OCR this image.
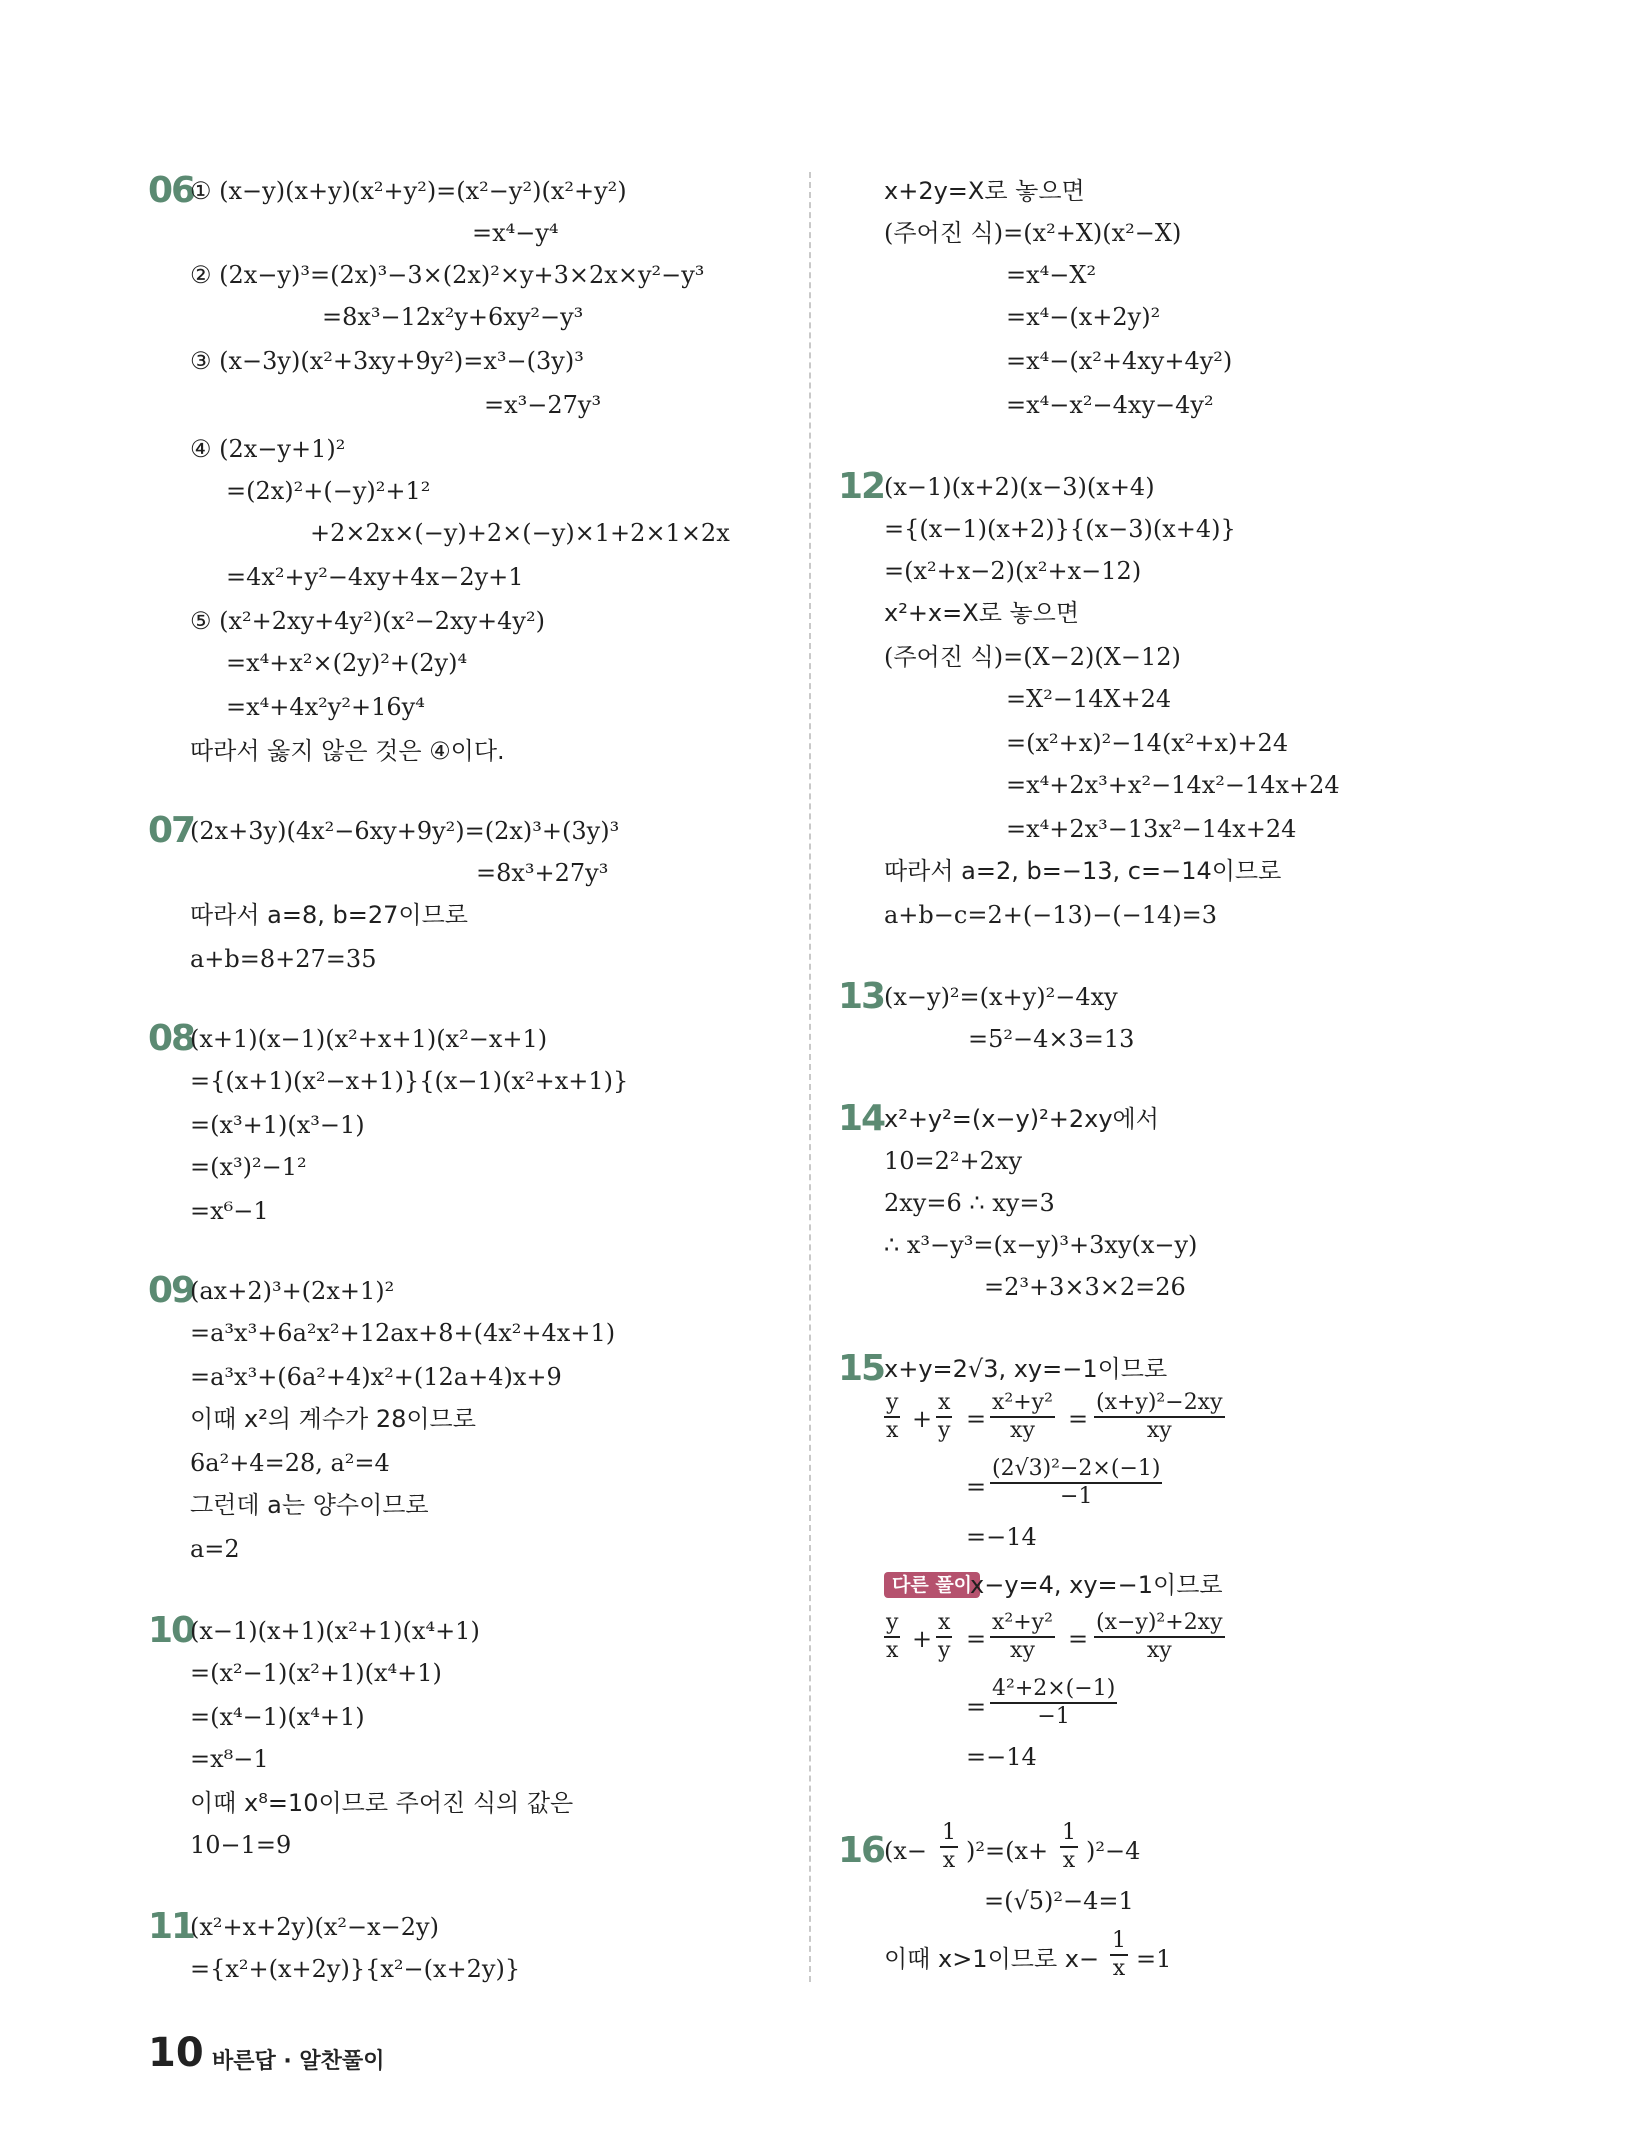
06
① (x−y)(x+y)(x²+y²)=(x²−y²)(x²+y²)
=x⁴−y⁴
② (2x−y)³=(2x)³−3×(2x)²×y+3×2x×y²−y³
=8x³−12x²y+6xy²−y³
③ (x−3y)(x²+3xy+9y²)=x³−(3y)³
=x³−27y³
④ (2x−y+1)²
=(2x)²+(−y)²+1²
+2×2x×(−y)+2×(−y)×1+2×1×2x
=4x²+y²−4xy+4x−2y+1
⑤ (x²+2xy+4y²)(x²−2xy+4y²)
=x⁴+x²×(2y)²+(2y)⁴
=x⁴+4x²y²+16y⁴
따라서 옳지 않은 것은 ④이다.
07
(2x+3y)(4x²−6xy+9y²)=(2x)³+(3y)³
=8x³+27y³
따라서 a=8, b=27이므로
a+b=8+27=35
08
(x+1)(x−1)(x²+x+1)(x²−x+1)
={(x+1)(x²−x+1)}{(x−1)(x²+x+1)}
=(x³+1)(x³−1)
=(x³)²−1²
=x⁶−1
09
(ax+2)³+(2x+1)²
=a³x³+6a²x²+12ax+8+(4x²+4x+1)
=a³x³+(6a²+4)x²+(12a+4)x+9
이때 x²의 계수가 28이므로
6a²+4=28, a²=4
그런데 a는 양수이므로
a=2
10
(x−1)(x+1)(x²+1)(x⁴+1)
=(x²−1)(x²+1)(x⁴+1)
=(x⁴−1)(x⁴+1)
=x⁸−1
이때 x⁸=10이므로 주어진 식의 값은
10−1=9
11
(x²+x+2y)(x²−x−2y)
={x²+(x+2y)}{x²−(x+2y)}
x+2y=X로 놓으면
(주어진 식)=(x²+X)(x²−X)
=x⁴−X²
=x⁴−(x+2y)²
=x⁴−(x²+4xy+4y²)
=x⁴−x²−4xy−4y²
12 (x−1)(x+2)(x−3)(x+4)
={(x−1)(x+2)}{(x−3)(x+4)}
=(x²+x−2)(x²+x−12)
x²+x=X로 놓으면
(주어진 식)=(X−2)(X−12)
=X²−14X+24
=(x²+x)²−14(x²+x)+24
=x⁴+2x³+x²−14x²−14x+24
=x⁴+2x³−13x²−14x+24
따라서 a=2, b=−13, c=−14이므로
a+b−c=2+(−13)−(−14)=3
13 (x−y)²=(x+y)²−4xy
=5²−4×3=13
14 x²+y²=(x−y)²+2xy에서
10=2²+2xy
2xy=6 ∴ xy=3
∴ x³−y³=(x−y)³+3xy(x−y)
=2³+3×3×2=26
15 x+y=2√3, xy=−1이므로
$\frac{y}{x} + \frac{x}{y} = \frac{\text{x²+y²}}{xy} = \frac{\text{(x+y)²−2xy}}{xy}$
= $\frac{\text{(2√3)²−2×(−1)}}{-1}$
=−14
다른 풀이
x−y=4, xy=−1이므로
$\frac{y}{x} + \frac{x}{y} = \frac{\text{x²+y²}}{xy} = \frac{\text{(x−y)²+2xy}}{xy}$
= $\frac{\text{4²+2×(−1)}}{-1}$
=−14
16 $(x- \frac{1}{x} )^2=(x+ \frac{1}{x} )^2-4$
=(√5)²−4=1
이때 x>1이므로 $x- \frac{1}{x} =1$
10 바른답 · 알찬풀이
